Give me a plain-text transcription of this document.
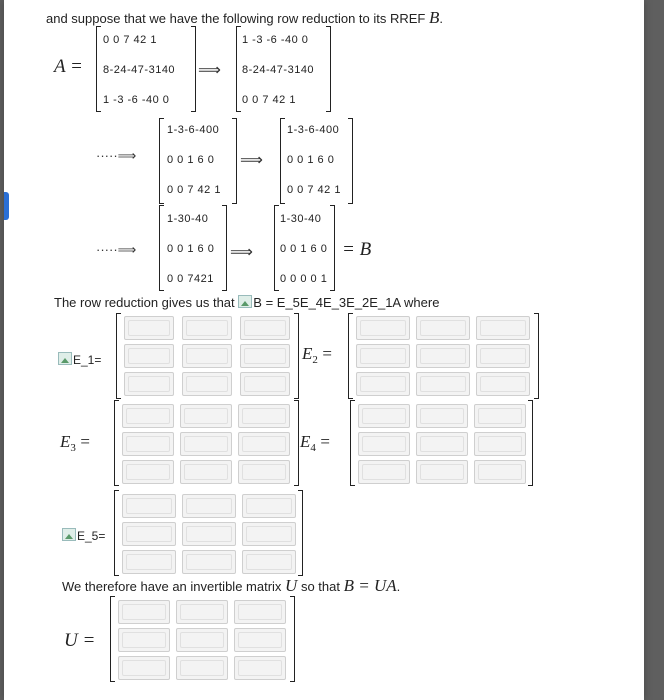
and suppose that we have the following row reduction to its RREF B.
A =
0 0 7 42 1
8-24-47-3140
1 -3 -6 -40 0
⟹
1 -3 -6 -40 0
8-24-47-3140
0 0 7 42 1
·····⟹
1-3-6-400
0 0 1 6 0
0 0 7 42 1
⟹
1-3-6-400
0 0 1 6 0
0 0 7 42 1
·····⟹
1-30-40
0 0 1 6 0
0 0 7421
⟹
1-30-40
0 0 1 6 0
0 0 0 0 1
= B
The row reduction gives us that B = E_5E_4E_3E_2E_1A where
E_1=	$E_2$ =
$E_3$ =	$E_4$ =
E_5=
We therefore have an invertible matrix U so that B = UA.
U =
